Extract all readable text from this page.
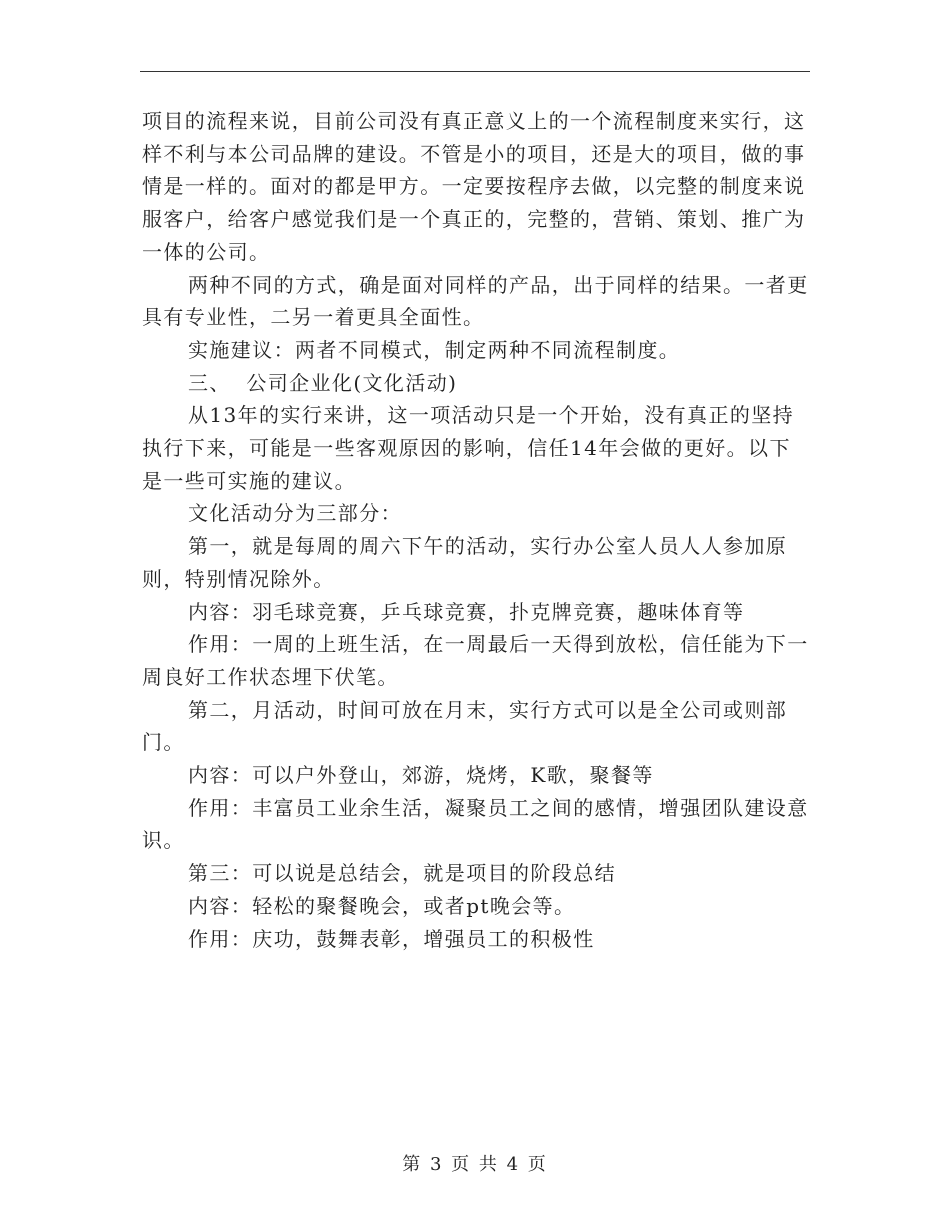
项目的流程来说，目前公司没有真正意义上的一个流程制度来实行，这样不利与本公司品牌的建设。不管是小的项目，还是大的项目，做的事情是一样的。面对的都是甲方。一定要按程序去做，以完整的制度来说服客户，给客户感觉我们是一个真正的，完整的，营销、策划、推广为一体的公司。

两种不同的方式，确是面对同样的产品，出于同样的结果。一者更具有专业性，二另一着更具全面性。

实施建议：两者不同模式，制定两种不同流程制度。

三、  公司企业化(文化活动)

从13年的实行来讲，这一项活动只是一个开始，没有真正的坚持执行下来，可能是一些客观原因的影响，信任14年会做的更好。以下是一些可实施的建议。

文化活动分为三部分：

第一，就是每周的周六下午的活动，实行办公室人员人人参加原则，特别情况除外。

内容：羽毛球竞赛，乒乓球竞赛，扑克牌竞赛，趣味体育等

作用：一周的上班生活，在一周最后一天得到放松，信任能为下一周良好工作状态埋下伏笔。

第二，月活动，时间可放在月末，实行方式可以是全公司或则部门。

内容：可以户外登山，郊游，烧烤，K歌，聚餐等

作用：丰富员工业余生活，凝聚员工之间的感情，增强团队建设意识。

第三：可以说是总结会，就是项目的阶段总结

内容：轻松的聚餐晚会，或者pt晚会等。

作用：庆功，鼓舞表彰，增强员工的积极性

第 3 页 共 4 页
